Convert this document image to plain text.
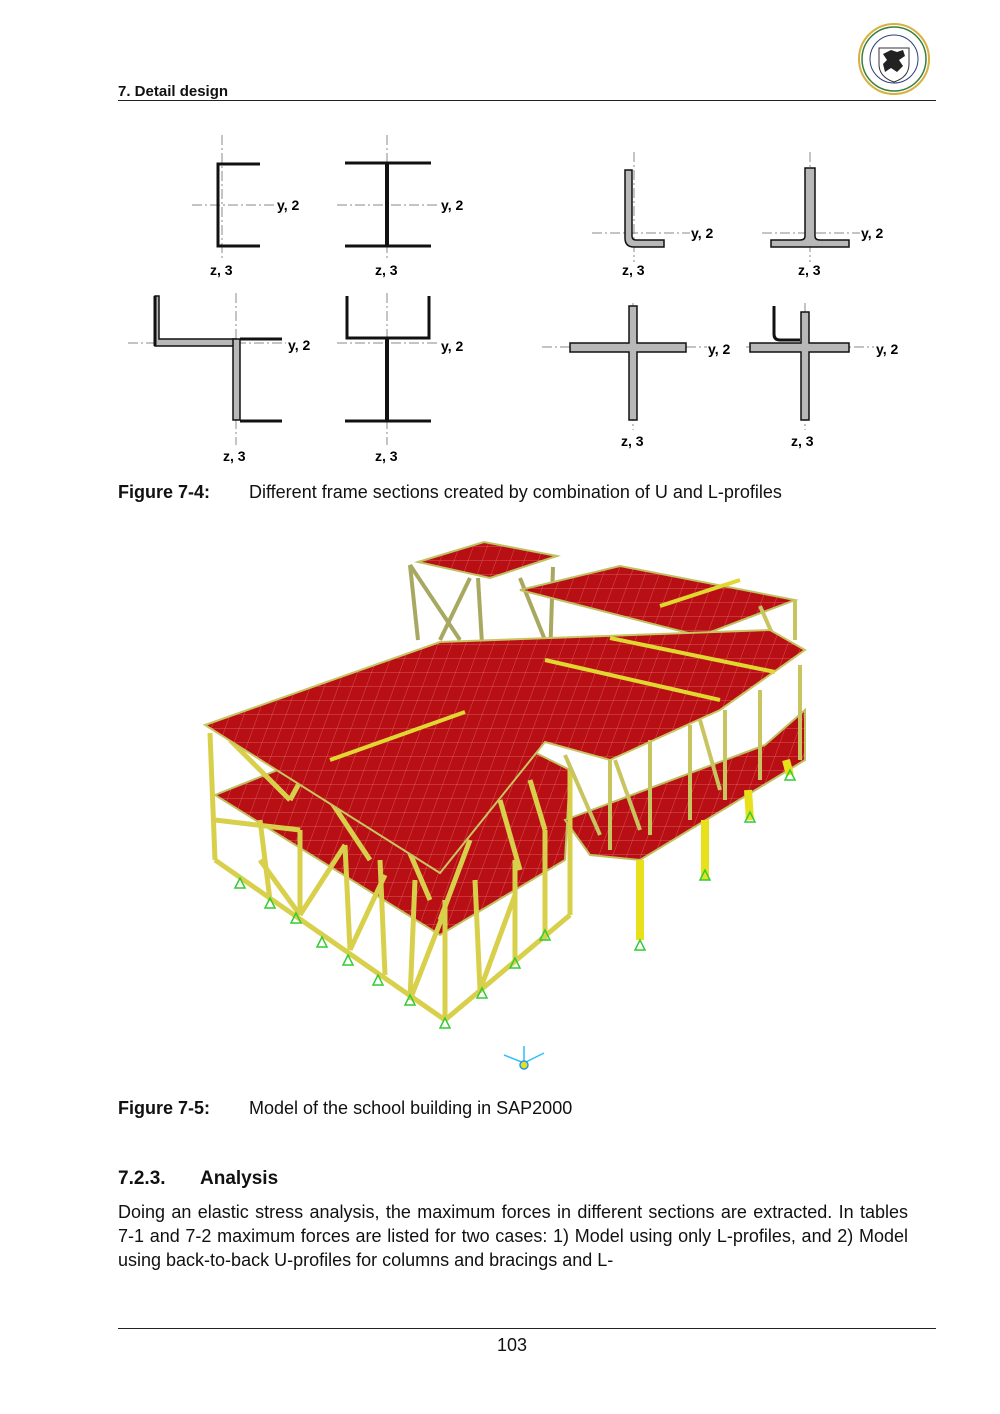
7. Detail design
y, 2	y, 2
y, 2	y, 2
y, 2	y, 2	y, 2	y, 2
z, 3	z, 3	z, 3	z, 3
z, 3	z, 3
z, 3	z, 3
Figure 7-4: Different frame sections created by combination of U and L-profiles
Figure 7-5: Model of the school building in SAP2000
7.2.3. Analysis
Doing an elastic stress analysis, the maximum forces in different sections are extracted. In tables 7-1 and 7-2 maximum forces are listed for two cases: 1) Model using only L-profiles, and 2) Model using back-to-back U-profiles for columns and bracings and L-
103
